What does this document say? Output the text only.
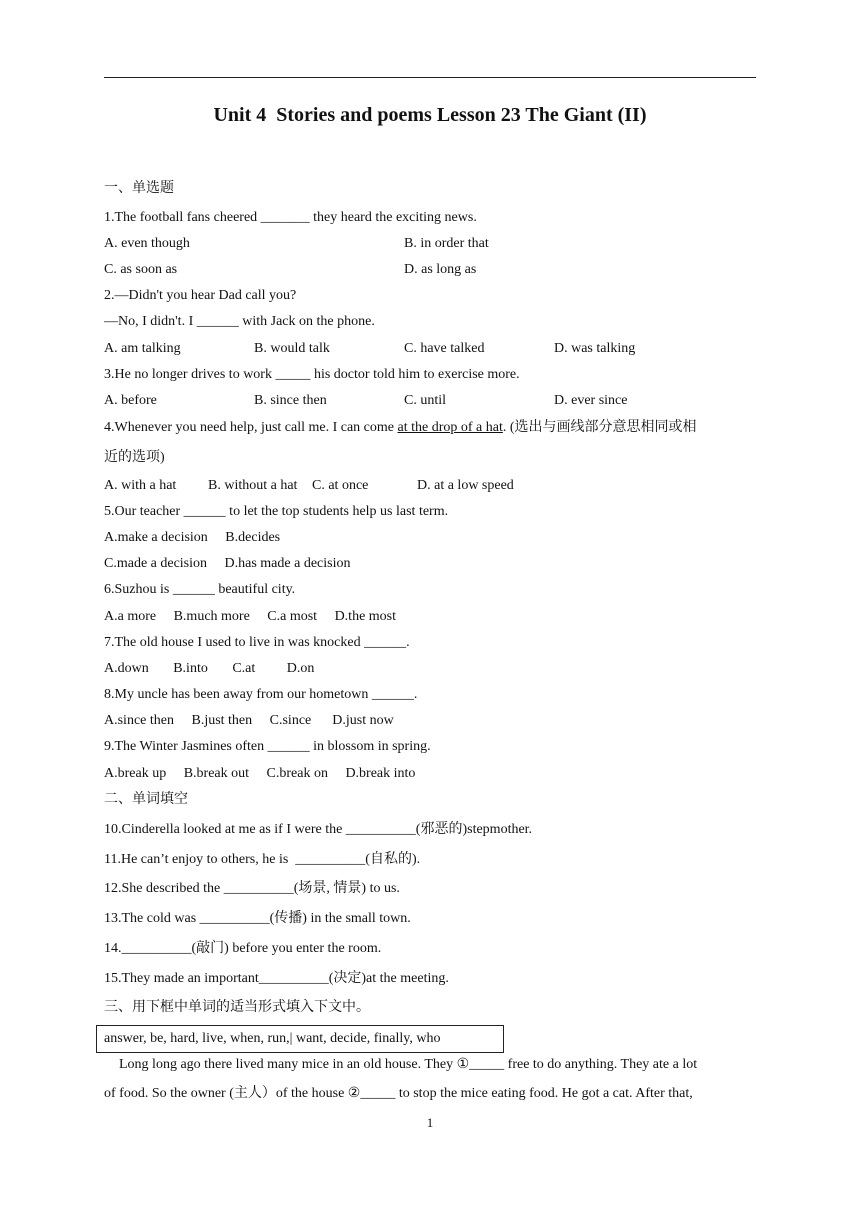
Unit 4  Stories and poems Lesson 23 The Giant (II)
一、单选题
1.The football fans cheered _______ they heard the exciting news.
A. even though	B. in order that
C. as soon as	D. as long as
2.—Didn't you hear Dad call you?
—No, I didn't. I ______ with Jack on the phone.
A. am talking	B. would talk	C. have talked	D. was talking
3.He no longer drives to work _____ his doctor told him to exercise more.
A. before	B. since then	C. until	D. ever since
4.Whenever you need help, just call me. I can come at the drop of a hat. (选出与画线部分意思相同或相
近的选项)
A. with a hat B. without a hat C. at once	D. at a low speed
5.Our teacher ______ to let the top students help us last term.
A.make a decision     B.decides
C.made a decision     D.has made a decision
6.Suzhou is ______ beautiful city.
A.a more     B.much more     C.a most     D.the most
7.The old house I used to live in was knocked ______.
A.down       B.into       C.at         D.on
8.My uncle has been away from our hometown ______.
A.since then     B.just then     C.since      D.just now
9.The Winter Jasmines often ______ in blossom in spring.
A.break up     B.break out     C.break on     D.break into
二、单词填空
10.Cinderella looked at me as if I were the __________(邪恶的)stepmother.
11.He can’t enjoy to others, he is  __________(自私的).
12.She described the __________(场景, 情景) to us.
13.The cold was __________(传播) in the small town.
14.__________(敲门) before you enter the room.
15.They made an important__________(决定)at the meeting.
三、用下框中单词的适当形式填入下文中。
answer, be, hard, live, when, run,| want, decide, finally, who
Long long ago there lived many mice in an old house. They ①_____ free to do anything. They ate a lot
of food. So the owner (主人）of the house ②_____ to stop the mice eating food. He got a cat. After that,
1
